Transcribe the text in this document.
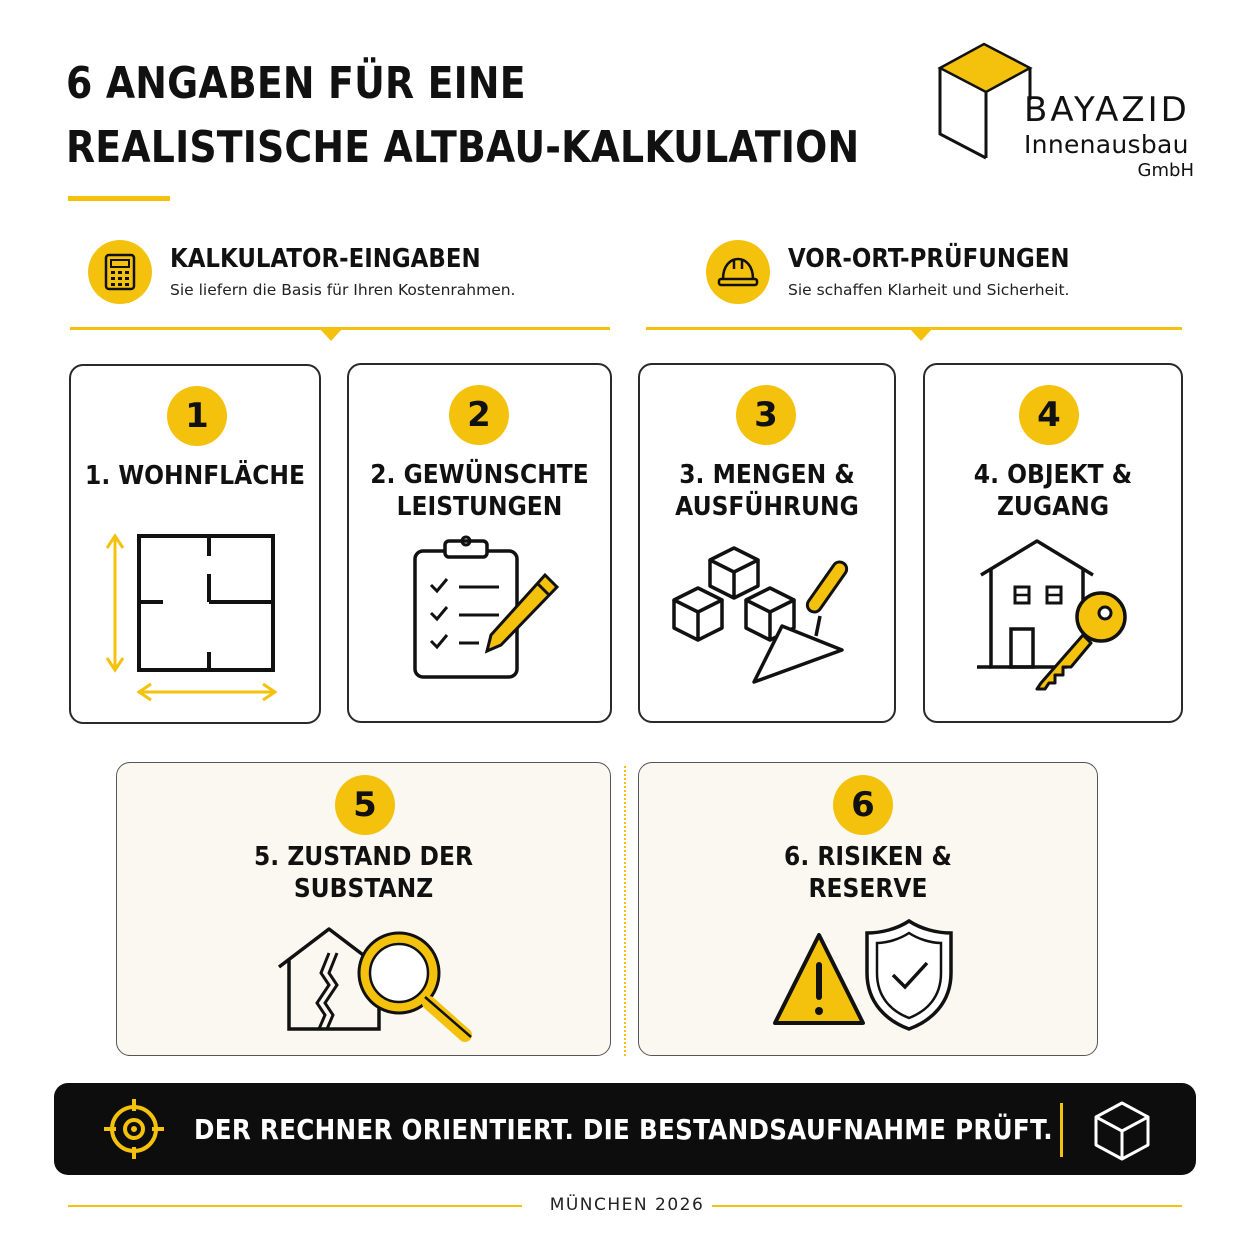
6 ANGABEN FÜR EINE
REALISTISCHE ALTBAU-KALKULATION
BAYAZID
Innenausbau
GmbH
KALKULATOR-EINGABEN
Sie liefern die Basis für Ihren Kostenrahmen.
VOR-ORT-PRÜFUNGEN
Sie schaffen Klarheit und Sicherheit.
1
1. WOHNFLÄCHE
2
2. GEWÜNSCHTE
LEISTUNGEN
3
3. MENGEN &
AUSFÜHRUNG
4
4. OBJEKT &
ZUGANG
5
5. ZUSTAND DER
SUBSTANZ
6
6. RISIKEN &
RESERVE
DER RECHNER ORIENTIERT. DIE BESTANDSAUFNAHME PRÜFT.
MÜNCHEN 2026
